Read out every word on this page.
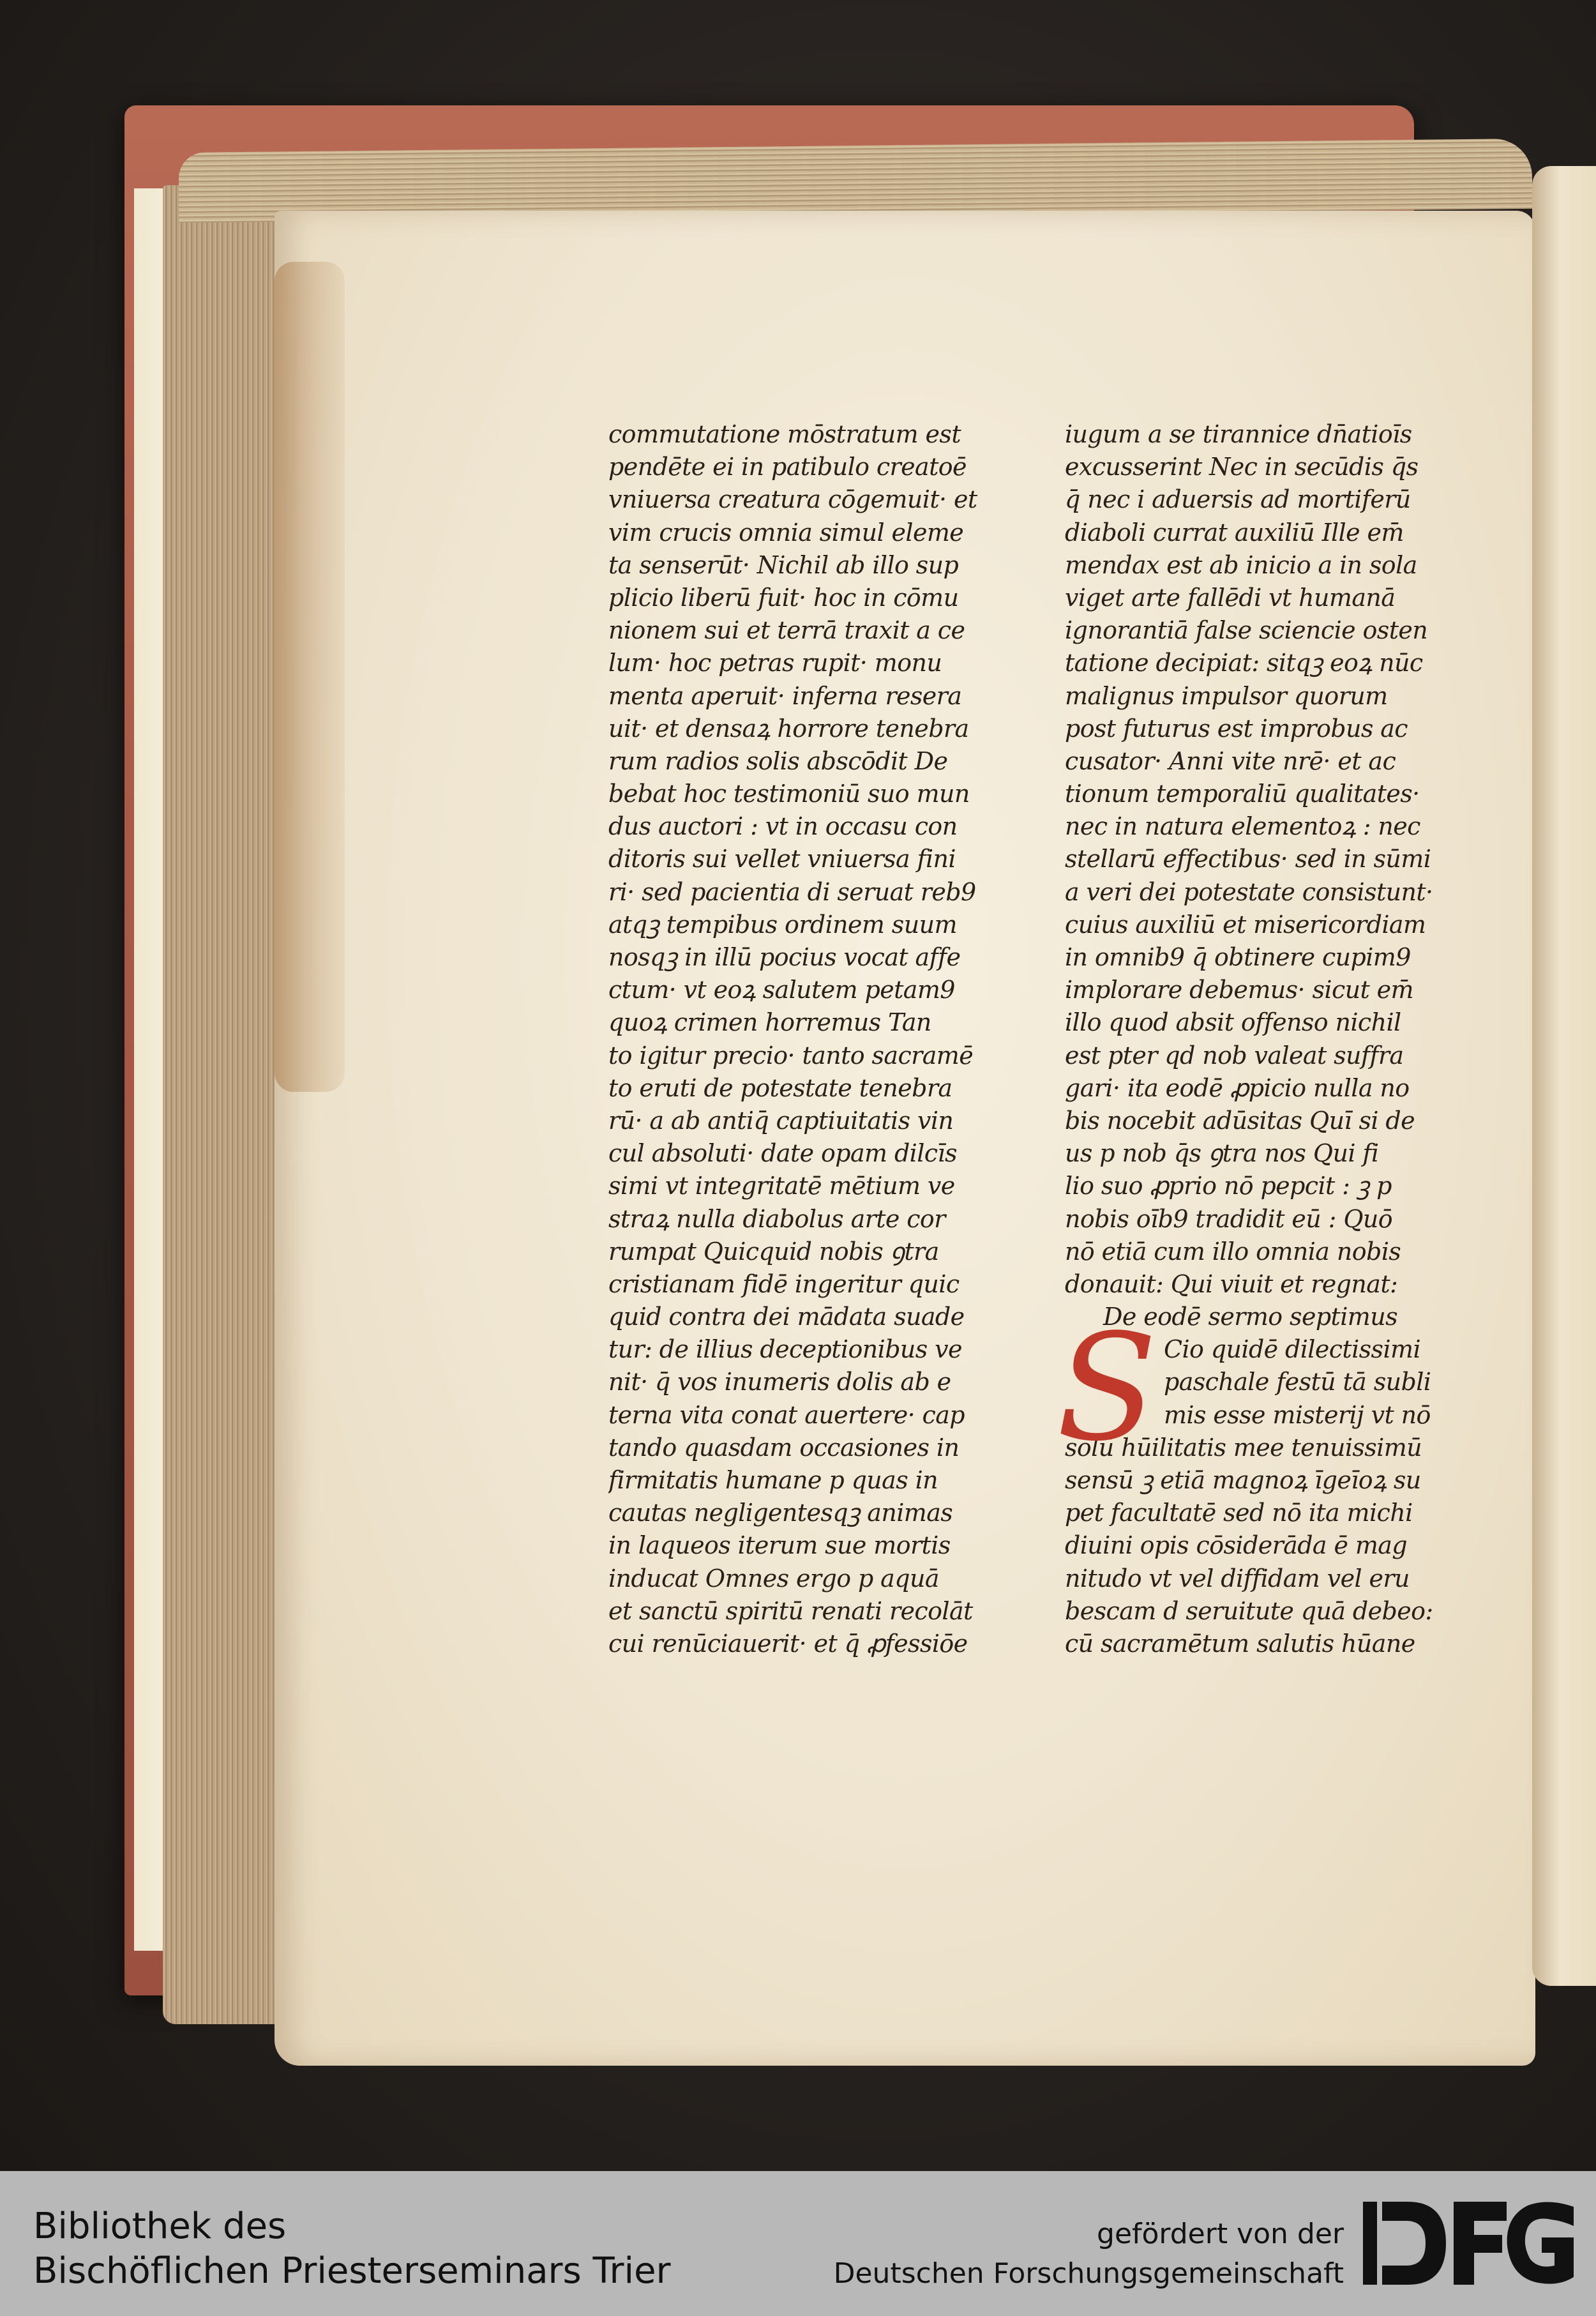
commutatione mōstratum est
pendēte ei in patibulo creatoē
vniuersa creatura cōgemuit· et
vim crucis omnia simul eleme
ta senserūt· Nichil ab illo sup
plicio liberū fuit· hoc in cōmu
nionem sui et terrā traxit a ce
lum· hoc petras rupit· monu
menta aperuit· inferna resera
uit· et densaꝝ horrore tenebra
rum radios solis abscōdit De
bebat hoc testimoniū suo mun
dus auctori : vt in occasu con
ditoris sui vellet vniuersa fini
ri· sed pacientia di seruat reb9
atqꝫ tempibus ordinem suum
nosqꝫ in illū pocius vocat affe
ctum· vt eoꝝ salutem petam9
quoꝝ crimen horremus Tan
to igitur precio· tanto sacramē
to eruti de potestate tenebra
rū· a ab antiq̄ captiuitatis vin
cul absoluti· date opam dilcīs
simi vt integritatē mētium ve
straꝝ nulla diabolus arte cor
rumpat Quicquid nobis ꝯtra
cristianam fidē ingeritur quic
quid contra dei mādata suade
tur: de illius deceptionibus ve
nit· q̄ vos inumeris dolis ab e
terna vita conat auertere· cap
tando quasdam occasiones in
firmitatis humane p quas in
cautas negligentesqꝫ animas
in laqueos iterum sue mortis
inducat Omnes ergo p aquā
et sanctū spiritū renati recolāt
cui renūciauerit· et q̄ ꝓfessiōe
iugum a se tirannice dn̄atioīs
excusserint Nec in secūdis q̄s
q̄ nec i aduersis ad mortiferū
diaboli currat auxiliū Ille em̄
mendax est ab inicio a in sola
viget arte fallēdi vt humanā
ignorantiā false sciencie osten
tatione decipiat: sitqꝫ eoꝝ nūc
malignus impulsor quorum
post futurus est improbus ac
cusator· Anni vite nrē· et ac
tionum temporaliū qualitates·
nec in natura elementoꝝ : nec
stellarū effectibus· sed in sūmi
a veri dei potestate consistunt·
cuius auxiliū et misericordiam
in omnib9 q̄ obtinere cupim9
implorare debemus· sicut em̄
illo quod absit offenso nichil
est pter qd nob valeat suffra
gari· ita eodē ꝓpicio nulla no
bis nocebit adūsitas Quī si de
us p nob q̄s ꝯtra nos Qui fi
lio suo ꝓprio nō pepcit : ꝫ p
nobis oīb9 tradidit eū : Quō
nō etiā cum illo omnia nobis
donauit: Qui viuit et regnat:
De eodē sermo septimus
Cio quidē dilectissimi
paschale festū tā subli
mis esse misterij vt nō
solū hūilitatis mee tenuissimū
sensū ꝫ etiā magnoꝝ īgeīoꝝ su
pet facultatē sed nō ita michi
diuini opis cōsiderāda ē mag
nitudo vt vel diffidam vel eru
bescam d seruitute quā debeo:
cū sacramētum salutis hūane
S
Bibliothek des
Bischöflichen Priesterseminars Trier
gefördert von der
Deutschen Forschungsgemeinschaft
